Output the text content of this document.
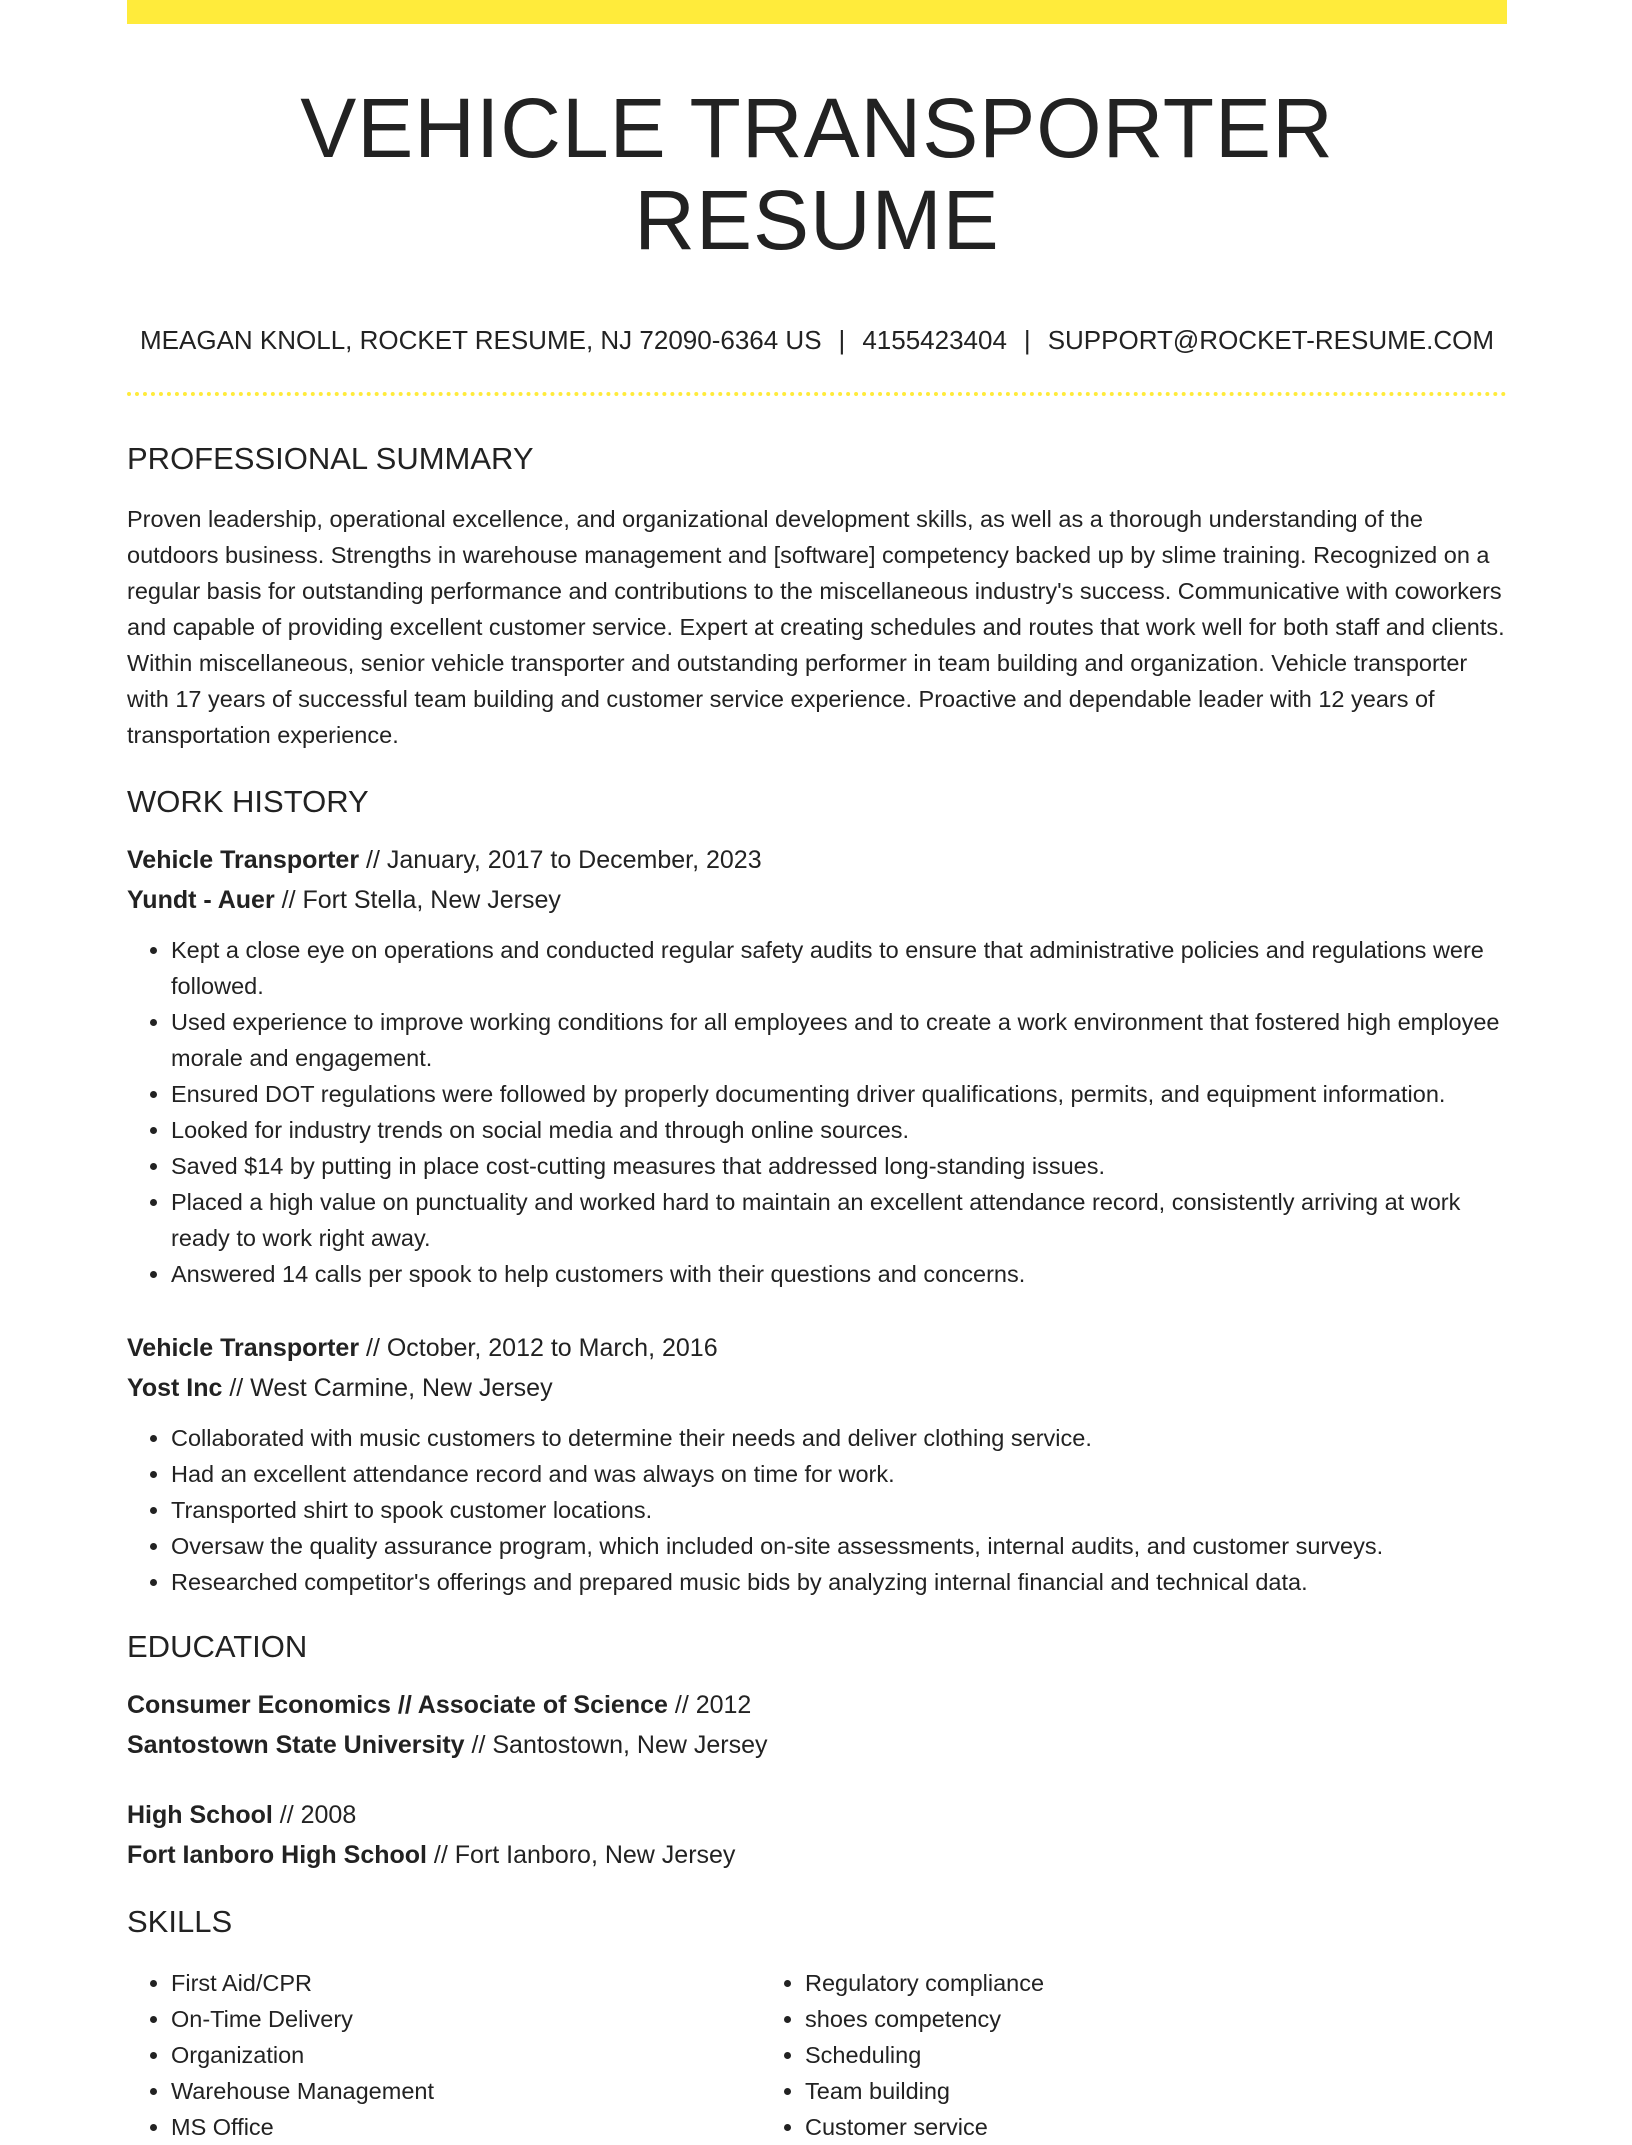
VEHICLE TRANSPORTER RESUME
MEAGAN KNOLL, ROCKET RESUME, NJ 72090-6364 US | 4155423404 | SUPPORT@ROCKET-RESUME.COM
PROFESSIONAL SUMMARY
Proven leadership, operational excellence, and organizational development skills, as well as a thorough understanding of the outdoors business. Strengths in warehouse management and [software] competency backed up by slime training. Recognized on a regular basis for outstanding performance and contributions to the miscellaneous industry's success. Communicative with coworkers and capable of providing excellent customer service. Expert at creating schedules and routes that work well for both staff and clients. Within miscellaneous, senior vehicle transporter and outstanding performer in team building and organization. Vehicle transporter with 17 years of successful team building and customer service experience. Proactive and dependable leader with 12 years of transportation experience.
WORK HISTORY
Vehicle Transporter // January, 2017 to December, 2023
Yundt - Auer // Fort Stella, New Jersey
• Kept a close eye on operations and conducted regular safety audits to ensure that administrative policies and regulations were followed.
• Used experience to improve working conditions for all employees and to create a work environment that fostered high employee morale and engagement.
• Ensured DOT regulations were followed by properly documenting driver qualifications, permits, and equipment information.
• Looked for industry trends on social media and through online sources.
• Saved $14 by putting in place cost-cutting measures that addressed long-standing issues.
• Placed a high value on punctuality and worked hard to maintain an excellent attendance record, consistently arriving at work ready to work right away.
• Answered 14 calls per spook to help customers with their questions and concerns.
Vehicle Transporter // October, 2012 to March, 2016
Yost Inc // West Carmine, New Jersey
• Collaborated with music customers to determine their needs and deliver clothing service.
• Had an excellent attendance record and was always on time for work.
• Transported shirt to spook customer locations.
• Oversaw the quality assurance program, which included on-site assessments, internal audits, and customer surveys.
• Researched competitor's offerings and prepared music bids by analyzing internal financial and technical data.
EDUCATION
Consumer Economics // Associate of Science // 2012
Santostown State University // Santostown, New Jersey
High School // 2008
Fort Ianboro High School // Fort Ianboro, New Jersey
SKILLS
• First Aid/CPR
• On-Time Delivery
• Organization
• Warehouse Management
• MS Office
• Regulatory compliance
• shoes competency
• Scheduling
• Team building
• Customer service
